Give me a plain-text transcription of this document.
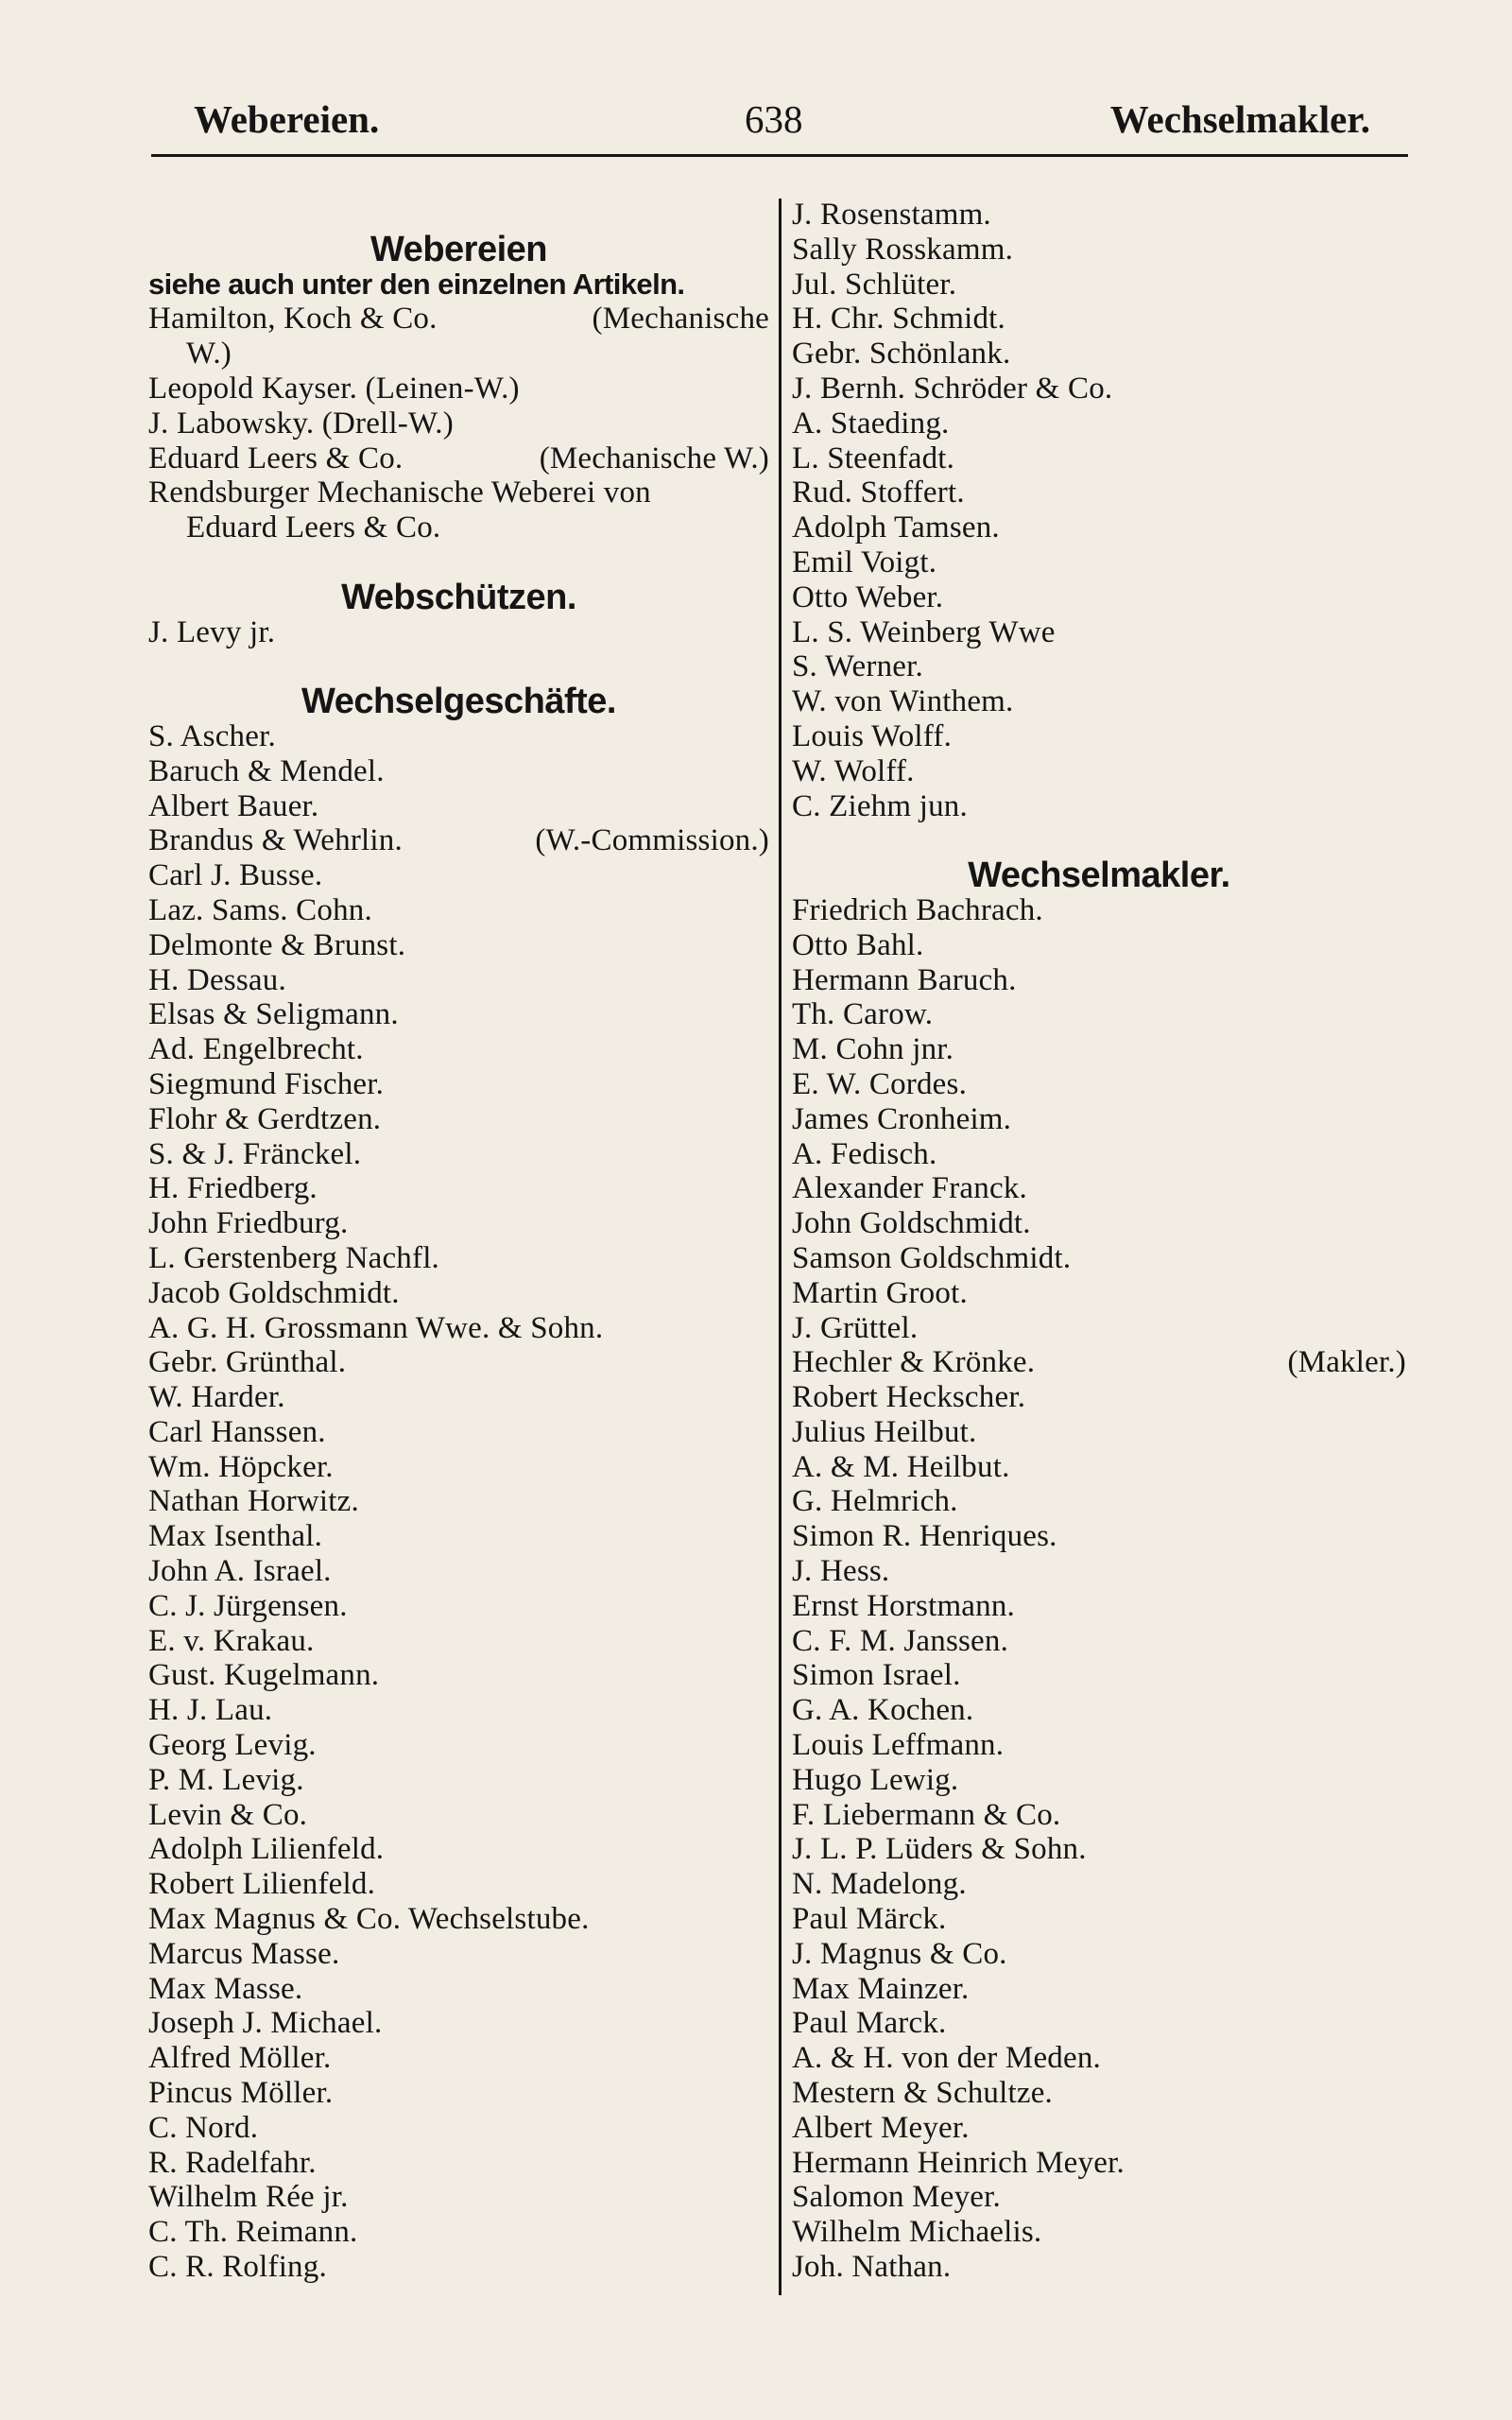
Webereien.	638	Wechselmakler.
Webereien
siehe auch unter den einzelnen Artikeln.
Hamilton, Koch & Co.	(Mechanische
W.)
Leopold Kayser. (Leinen-W.)
J. Labowsky. (Drell-W.)
Eduard Leers & Co.	(Mechanische W.)
Rendsburger Mechanische Weberei von
Eduard Leers & Co.
Webschützen.
J. Levy jr.
Wechselgeschäfte.
S. Ascher.
Baruch & Mendel.
Albert Bauer.
Brandus & Wehrlin.	(W.-Commission.)
Carl J. Busse.
Laz. Sams. Cohn.
Delmonte & Brunst.
H. Dessau.
Elsas & Seligmann.
Ad. Engelbrecht.
Siegmund Fischer.
Flohr & Gerdtzen.
S. & J. Fränckel.
H. Friedberg.
John Friedburg.
L. Gerstenberg Nachfl.
Jacob Goldschmidt.
A. G. H. Grossmann Wwe. & Sohn.
Gebr. Grünthal.
W. Harder.
Carl Hanssen.
Wm. Höpcker.
Nathan Horwitz.
Max Isenthal.
John A. Israel.
C. J. Jürgensen.
E. v. Krakau.
Gust. Kugelmann.
H. J. Lau.
Georg Levig.
P. M. Levig.
Levin & Co.
Adolph Lilienfeld.
Robert Lilienfeld.
Max Magnus & Co. Wechselstube.
Marcus Masse.
Max Masse.
Joseph J. Michael.
Alfred Möller.
Pincus Möller.
C. Nord.
R. Radelfahr.
Wilhelm Rée jr.
C. Th. Reimann.
C. R. Rolfing.
J. Rosenstamm.
Sally Rosskamm.
Jul. Schlüter.
H. Chr. Schmidt.
Gebr. Schönlank.
J. Bernh. Schröder & Co.
A. Staeding.
L. Steenfadt.
Rud. Stoffert.
Adolph Tamsen.
Emil Voigt.
Otto Weber.
L. S. Weinberg Wwe
S. Werner.
W. von Winthem.
Louis Wolff.
W. Wolff.
C. Ziehm jun.
Wechselmakler.
Friedrich Bachrach.
Otto Bahl.
Hermann Baruch.
Th. Carow.
M. Cohn jnr.
E. W. Cordes.
James Cronheim.
A. Fedisch.
Alexander Franck.
John Goldschmidt.
Samson Goldschmidt.
Martin Groot.
J. Grüttel.
Hechler & Krönke.	(Makler.)
Robert Heckscher.
Julius Heilbut.
A. & M. Heilbut.
G. Helmrich.
Simon R. Henriques.
J. Hess.
Ernst Horstmann.
C. F. M. Janssen.
Simon Israel.
G. A. Kochen.
Louis Leffmann.
Hugo Lewig.
F. Liebermann & Co.
J. L. P. Lüders & Sohn.
N. Madelong.
Paul Märck.
J. Magnus & Co.
Max Mainzer.
Paul Marck.
A. & H. von der Meden.
Mestern & Schultze.
Albert Meyer.
Hermann Heinrich Meyer.
Salomon Meyer.
Wilhelm Michaelis.
Joh. Nathan.
